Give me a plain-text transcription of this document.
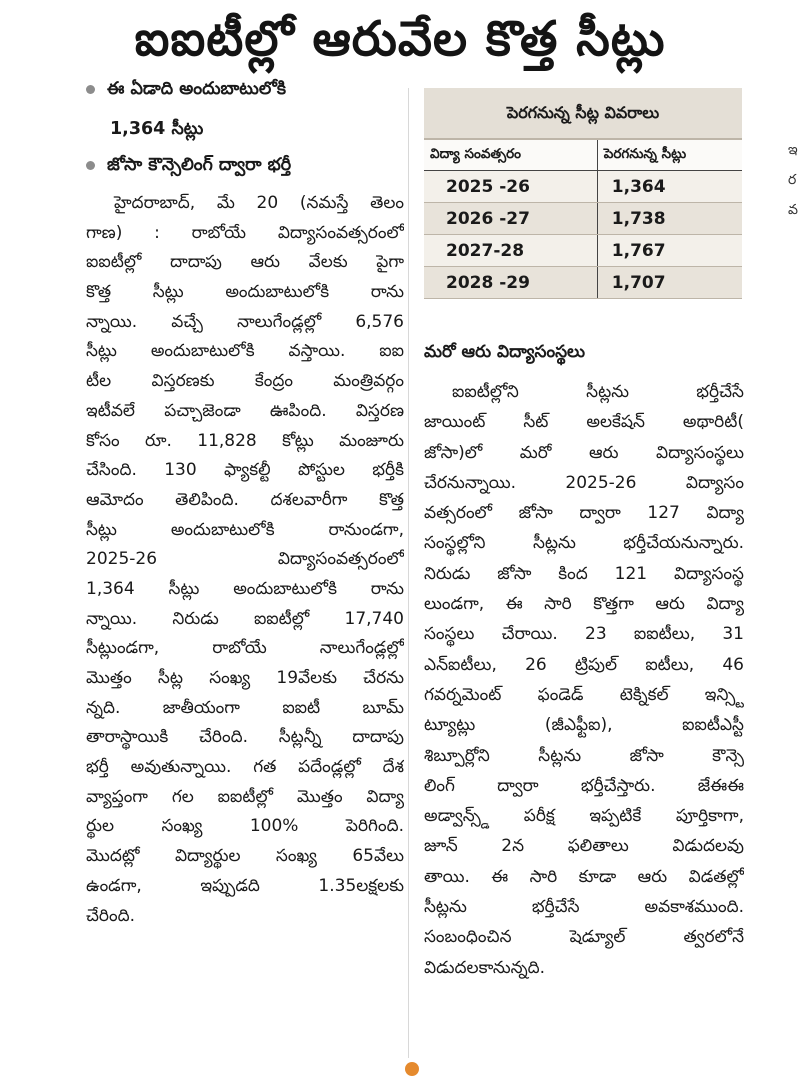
ఐఐటీల్లో ఆరువేల కొత్త సీట్లు
ఈ ఏడాది అందుబాటులోకి
1,364 సీట్లు
జోసా కౌన్సెలింగ్ ద్వారా భర్తీ
హైదరాబాద్, మే 20 (నమస్తే తెలం
గాణ) : రాబోయే విద్యాసంవత్సరంలో
ఐఐటీల్లో దాదాపు ఆరు వేలకు పైగా
కొత్త సీట్లు అందుబాటులోకి రాను
న్నాయి. వచ్చే నాలుగేండ్లల్లో 6,576
సీట్లు అందుబాటులోకి వస్తాయి. ఐఐ
టీల విస్తరణకు కేంద్రం మంత్రివర్గం
ఇటీవలే పచ్చాజెండా ఊపింది. విస్తరణ
కోసం రూ. 11,828 కోట్లు మంజూరు
చేసింది. 130 ఫ్యాకల్టీ పోస్టుల భర్తీకి
ఆమోదం తెలిపింది. దశలవారీగా కొత్త
సీట్లు అందుబాటులోకి రానుండగా,
2025-26 విద్యాసంవత్సరంలో
1,364 సీట్లు అందుబాటులోకి రాను
న్నాయి. నిరుడు ఐఐటీల్లో 17,740
సీట్లుండగా, రాబోయే నాలుగేండ్లల్లో
మొత్తం సీట్ల సంఖ్య 19వేలకు చేరను
న్నది. జాతీయంగా ఐఐటీ బూమ్
తారాస్థాయికి చేరింది. సీట్లన్నీ దాదాపు
భర్తీ అవుతున్నాయి. గత పదేండ్లల్లో దేశ
వ్యాప్తంగా గల ఐఐటీల్లో మొత్తం విద్యా
ర్థుల సంఖ్య 100% పెరిగింది.
మొదట్లో విద్యార్థుల సంఖ్య 65వేలు
ఉండగా, ఇప్పుడది 1.35లక్షలకు
చేరింది.
పెరగనున్న సీట్ల వివరాలు
విద్యా సంవత్సరం	పెరగనున్న సీట్లు
2025 -26	1,364
2026 -27	1,738
2027-28	1,767
2028 -29	1,707
మరో ఆరు విద్యాసంస్థలు
ఐఐటీల్లోని సీట్లను భర్తీచేసే
జాయింట్ సీట్ అలకేషన్ అథారిటీ(
జోసా)లో మరో ఆరు విద్యాసంస్థలు
చేరనున్నాయి. 2025-26 విద్యాసం
వత్సరంలో జోసా ద్వారా 127 విద్యా
సంస్థల్లోని సీట్లను భర్తీచేయనున్నారు.
నిరుడు జోసా కింద 121 విద్యాసంస్థ
లుండగా, ఈ సారి కొత్తగా ఆరు విద్యా
సంస్థలు చేరాయి. 23 ఐఐటీలు, 31
ఎన్ఐటీలు, 26 ట్రిపుల్ ఐటీలు, 46
గవర్నమెంట్ ఫండెడ్ టెక్నికల్ ఇన్స్టి
ట్యూట్లు (జీఎఫ్టీఐ), ఐఐటీఎస్టీ
శిబ్పూర్లోని సీట్లను జోసా కౌన్సె
లింగ్ ద్వారా భర్తీచేస్తారు. జేఈఈ
అడ్వాన్స్డ్ పరీక్ష ఇప్పటికే పూర్తికాగా,
జూన్ 2న ఫలితాలు విడుదలవు
తాయి. ఈ సారి కూడా ఆరు విడతల్లో
సీట్లను భర్తీచేసే అవకాశముంది.
సంబంధించిన షెడ్యూల్ త్వరలోనే
విడుదలకానున్నది.
ఇ
ర
వ
